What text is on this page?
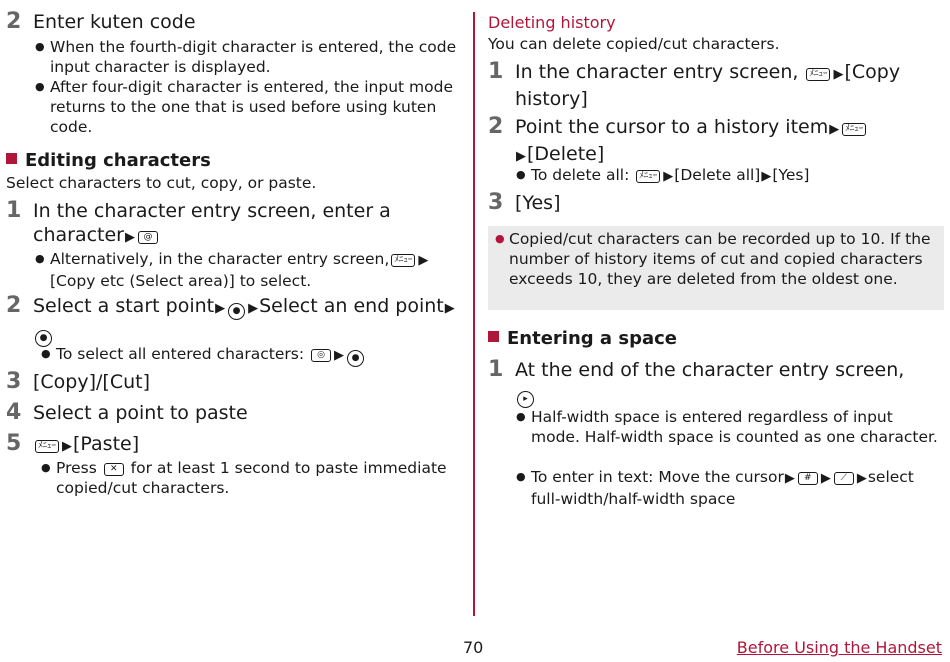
2 Enter kuten code
● When the fourth-digit character is entered, the code input character is displayed.
● After four-digit character is entered, the input mode returns to the one that is used before using kuten code.
Editing characters
Select characters to cut, copy, or paste.
1 In the character entry screen, enter a character▶ @
● Alternatively, in the character entry screen, ﾒﾆｭｰ ▶ [Copy etc (Select area)] to select.
2 Select a start point▶ ● ▶Select an end point▶●
● To select all entered characters: ◎ ▶ ●
3 [Copy]/[Cut]
4 Select a point to paste
5	ﾒﾆｭｰ ▶[Paste]
● Press ✕ for at least 1 second to paste immediate copied/cut characters.
Deleting history
You can delete copied/cut characters.
1 In the character entry screen, ﾒﾆｭｰ ▶[Copy history]
2 Point the cursor to a history item▶ ﾒﾆｭｰ▶[Delete]
● To delete all: ﾒﾆｭｰ ▶[Delete all]▶[Yes]
3 [Yes]
● Copied/cut characters can be recorded up to 10. If the number of history items of cut and copied characters exceeds 10, they are deleted from the oldest one.
Entering a space
1 At the end of the character entry screen,
▸
● Half-width space is entered regardless of input mode. Half-width space is counted as one character.
● To enter in text: Move the cursor▶ # ▶ ⟋ ▶select full-width/half-width space
70	Before Using the Handset
